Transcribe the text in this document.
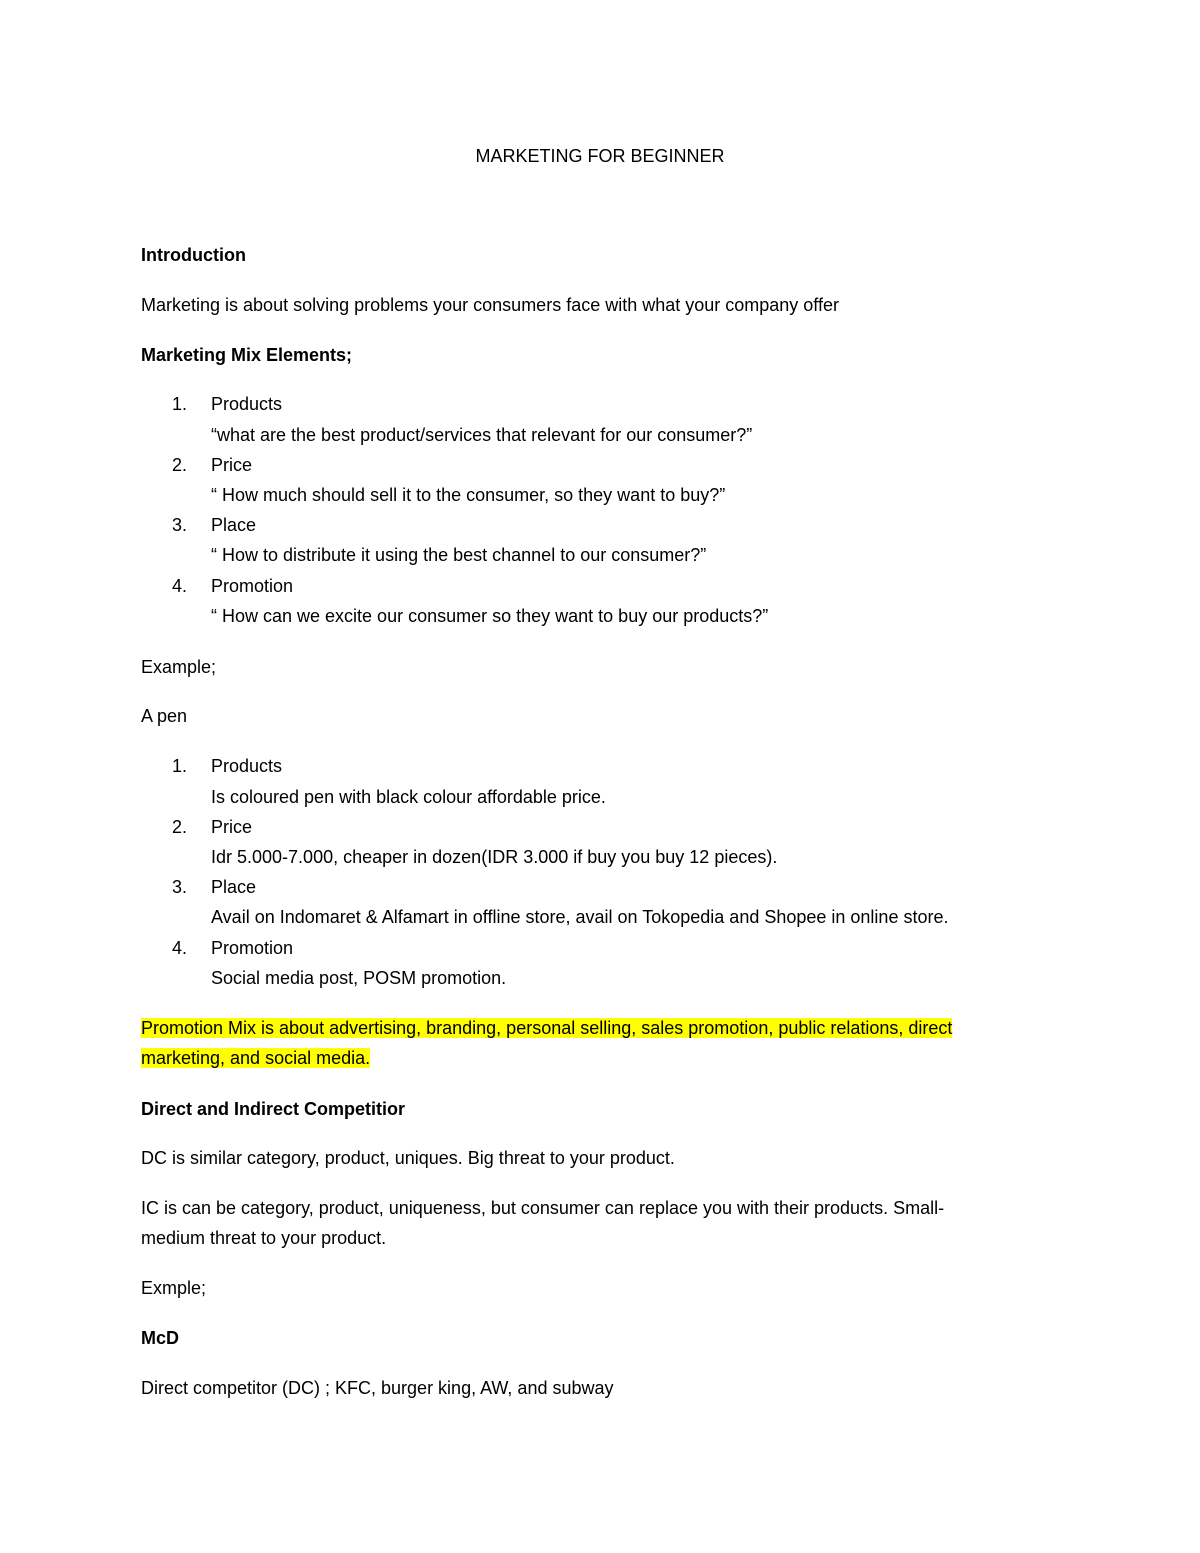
MARKETING FOR BEGINNER
Introduction
Marketing is about solving problems your consumers face with what your company offer
Marketing Mix Elements;
1. Products
“what are the best product/services that relevant for our consumer?”
2. Price
“ How much should sell it to the consumer, so they want to buy?”
3. Place
“ How to distribute it using the best channel to our consumer?”
4. Promotion
“ How can we excite our consumer so they want to buy our products?”
Example;
A pen
1. Products
Is coloured pen with black colour affordable price.
2. Price
Idr 5.000-7.000, cheaper in dozen(IDR 3.000 if buy you buy 12 pieces).
3. Place
Avail on Indomaret & Alfamart in offline store, avail on Tokopedia and Shopee in online store.
4. Promotion
Social media post, POSM promotion.
Promotion Mix is about advertising, branding, personal selling, sales promotion, public relations, direct
marketing, and social media.
Direct and Indirect Competitior
DC is similar category, product, uniques. Big threat to your product.
IC is can be category, product, uniqueness, but consumer can replace you with their products. Small-
medium threat to your product.
Exmple;
McD
Direct competitor (DC) ; KFC, burger king, AW, and subway
